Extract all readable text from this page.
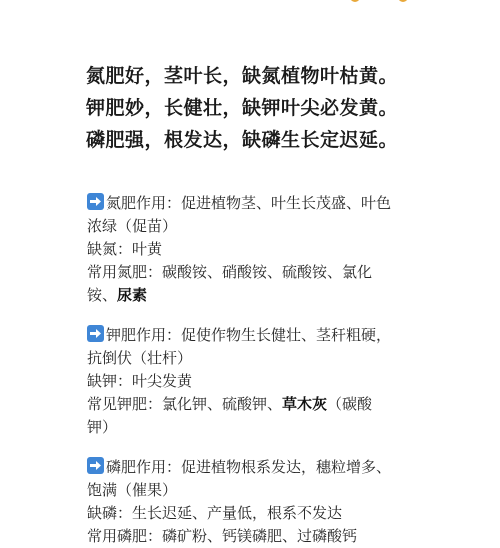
氮肥好，茎叶长，缺氮植物叶枯黄。
钾肥妙，长健壮，缺钾叶尖必发黄。
磷肥强，根发达，缺磷生长定迟延。
氮肥作用：促进植物茎、叶生长茂盛、叶色
浓绿（促苗）
缺氮：叶黄
常用氮肥：碳酸铵、硝酸铵、硫酸铵、氯化
铵、尿素
钾肥作用：促使作物生长健壮、茎秆粗硬，
抗倒伏（壮杆）
缺钾：叶尖发黄
常见钾肥：氯化钾、硫酸钾、草木灰（碳酸
钾）
磷肥作用：促进植物根系发达，穗粒增多、
饱满（催果）
缺磷：生长迟延、产量低，根系不发达
常用磷肥：磷矿粉、钙镁磷肥、过磷酸钙
